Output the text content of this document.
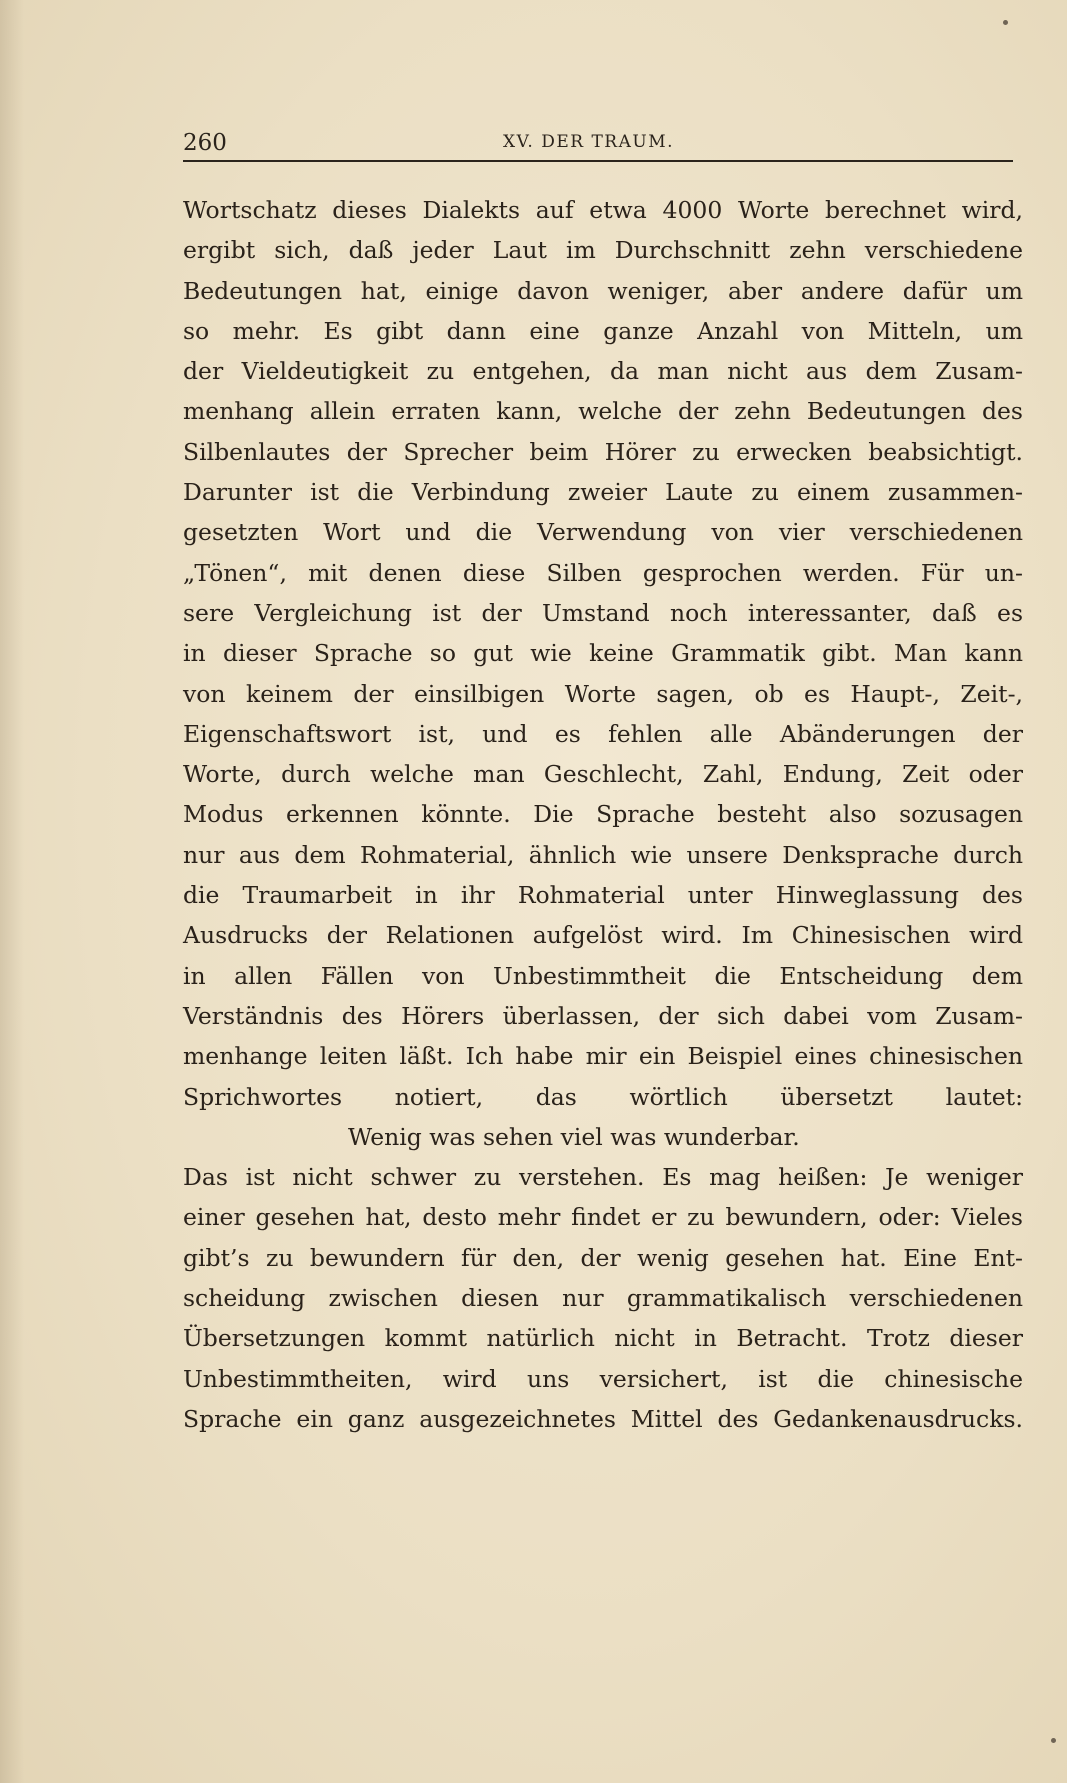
260	XV. DER TRAUM.
Wortschatz dieses Dialekts auf etwa 4000 Worte berechnet wird,
ergibt sich, daß jeder Laut im Durchschnitt zehn verschiedene
Bedeutungen hat, einige davon weniger, aber andere dafür um
so mehr. Es gibt dann eine ganze Anzahl von Mitteln, um
der Vieldeutigkeit zu entgehen, da man nicht aus dem Zusam-
menhang allein erraten kann, welche der zehn Bedeutungen des
Silbenlautes der Sprecher beim Hörer zu erwecken beabsichtigt.
Darunter ist die Verbindung zweier Laute zu einem zusammen-
gesetzten Wort und die Verwendung von vier verschiedenen
„Tönen“, mit denen diese Silben gesprochen werden. Für un-
sere Vergleichung ist der Umstand noch interessanter, daß es
in dieser Sprache so gut wie keine Grammatik gibt. Man kann
von keinem der einsilbigen Worte sagen, ob es Haupt-, Zeit-,
Eigenschaftswort ist, und es fehlen alle Abänderungen der
Worte, durch welche man Geschlecht, Zahl, Endung, Zeit oder
Modus erkennen könnte. Die Sprache besteht also sozusagen
nur aus dem Rohmaterial, ähnlich wie unsere Denksprache durch
die Traumarbeit in ihr Rohmaterial unter Hinweglassung des
Ausdrucks der Relationen aufgelöst wird. Im Chinesischen wird
in allen Fällen von Unbestimmtheit die Entscheidung dem
Verständnis des Hörers überlassen, der sich dabei vom Zusam-
menhange leiten läßt. Ich habe mir ein Beispiel eines chinesischen
Sprichwortes notiert, das wörtlich übersetzt lautet:
Wenig was sehen viel was wunderbar.
Das ist nicht schwer zu verstehen. Es mag heißen: Je weniger
einer gesehen hat, desto mehr findet er zu bewundern, oder: Vieles
gibt’s zu bewundern für den, der wenig gesehen hat. Eine Ent-
scheidung zwischen diesen nur grammatikalisch verschiedenen
Übersetzungen kommt natürlich nicht in Betracht. Trotz dieser
Unbestimmtheiten, wird uns versichert, ist die chinesische
Sprache ein ganz ausgezeichnetes Mittel des Gedankenausdrucks.
